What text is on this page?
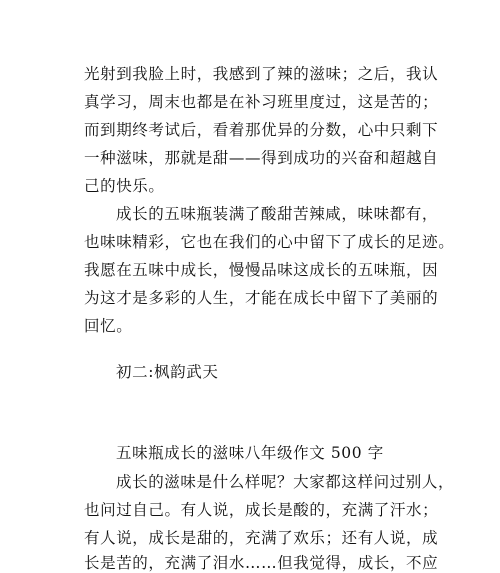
光射到我脸上时，我感到了辣的滋味；之后，我认
真学习，周末也都是在补习班里度过，这是苦的；
而到期终考试后，看着那优异的分数，心中只剩下
一种滋味，那就是甜——得到成功的兴奋和超越自
己的快乐。
成长的五味瓶装满了酸甜苦辣咸，味味都有，
也味味精彩，它也在我们的心中留下了成长的足迹。
我愿在五味中成长，慢慢品味这成长的五味瓶，因
为这才是多彩的人生，才能在成长中留下了美丽的
回忆。
初二:枫韵武天
五味瓶成长的滋味八年级作文 500 字
成长的滋味是什么样呢？大家都这样问过别人，
也问过自己。有人说，成长是酸的，充满了汗水；
有人说，成长是甜的，充满了欢乐；还有人说，成
长是苦的，充满了泪水……但我觉得，成长，不应
